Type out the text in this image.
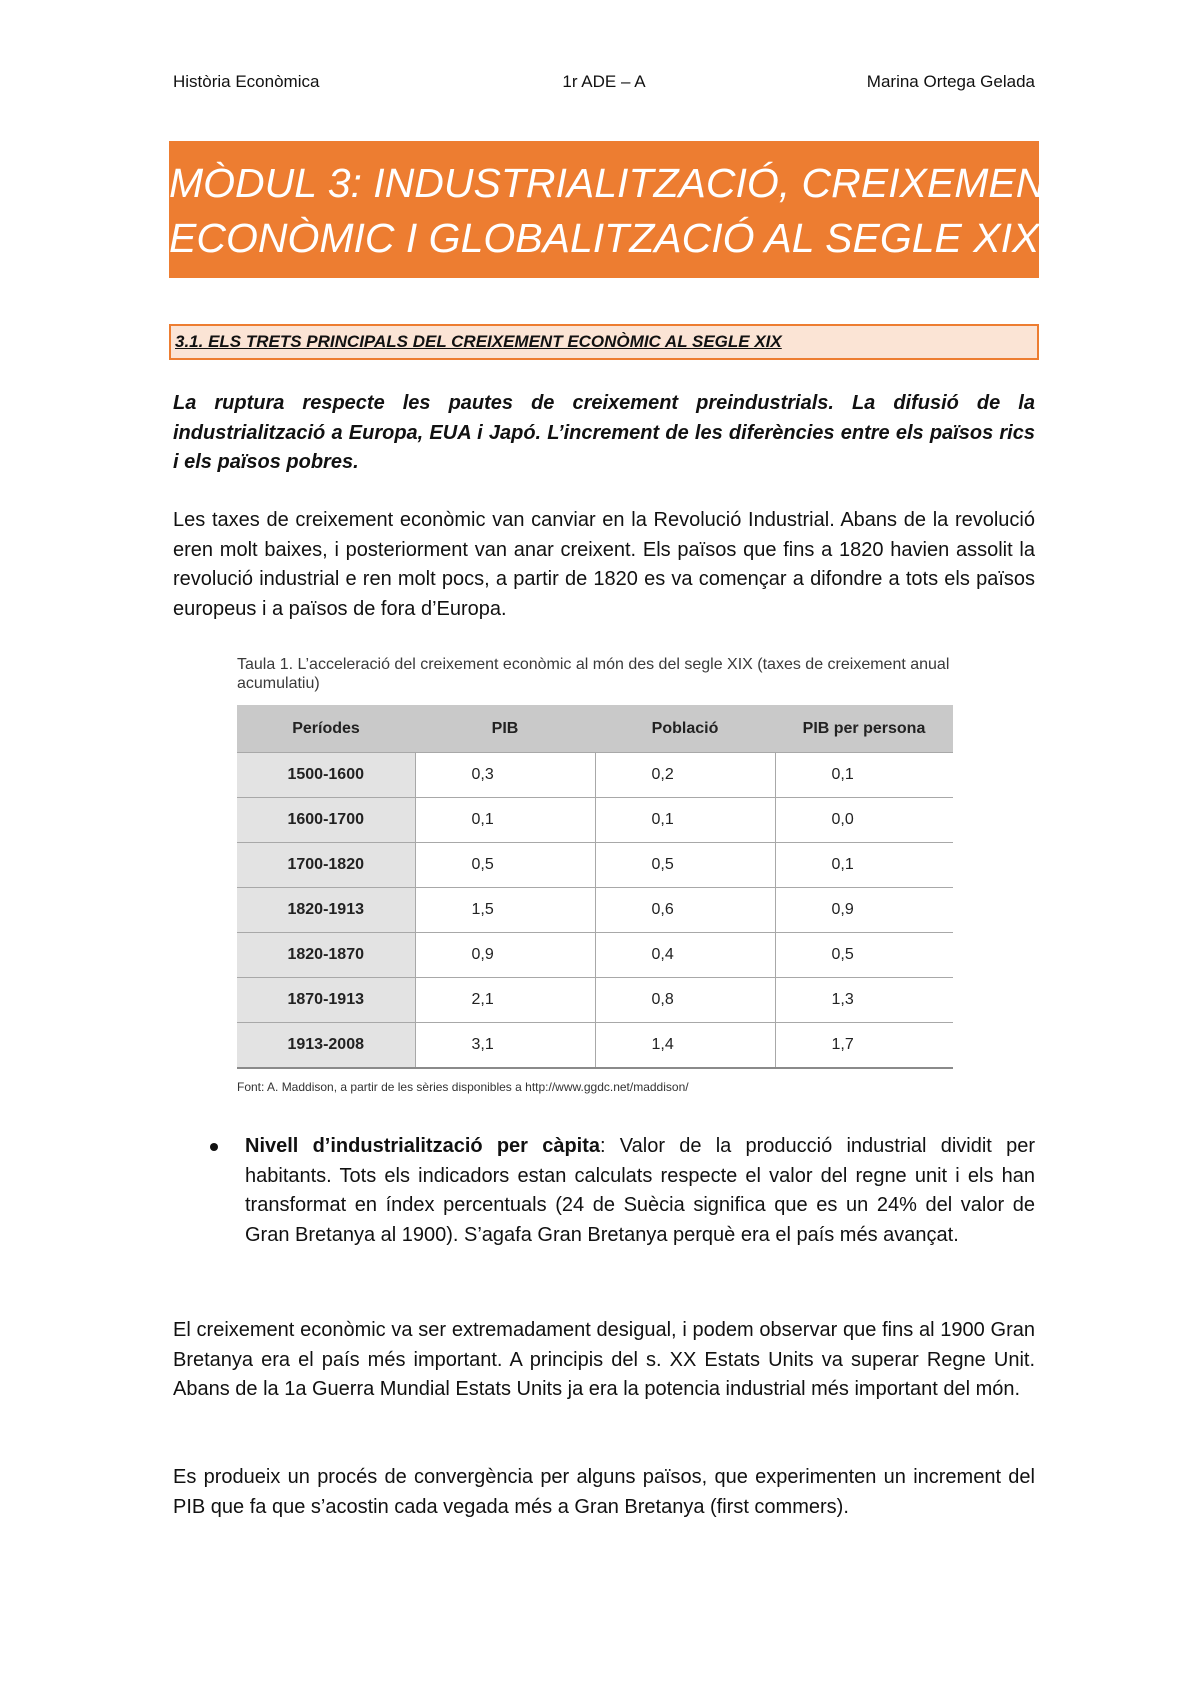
Història Econòmica	1r ADE – A	Marina Ortega Gelada
MÒDUL 3: INDUSTRIALITZACIÓ, CREIXEMENT
ECONÒMIC I GLOBALITZACIÓ AL SEGLE XIX
3.1. ELS TRETS PRINCIPALS DEL CREIXEMENT ECONÒMIC AL SEGLE XIX
La ruptura respecte les pautes de creixement preindustrials. La difusió de la industrialització a Europa, EUA i Japó. L’increment de les diferències entre els països rics i els països pobres.
Les taxes de creixement econòmic van canviar en la Revolució Industrial. Abans de la revolució eren molt baixes, i posteriorment van anar creixent. Els països que fins a 1820 havien assolit la revolució industrial e ren molt pocs, a partir de 1820 es va començar a difondre a tots els països europeus i a països de fora d’Europa.
Taula 1. L’acceleració del creixement econòmic al món des del segle XIX (taxes de creixement anual acumulatiu)
Períodes	PIB	Població	PIB per persona
1500-1600	0,3	0,2	0,1
1600-1700	0,1	0,1	0,0
1700-1820	0,5	0,5	0,1
1820-1913	1,5	0,6	0,9
1820-1870	0,9	0,4	0,5
1870-1913	2,1	0,8	1,3
1913-2008	3,1	1,4	1,7
Font: A. Maddison, a partir de les sèries disponibles a http://www.ggdc.net/maddison/
Nivell d’industrialització per càpita: Valor de la producció industrial dividit per habitants. Tots els indicadors estan calculats respecte el valor del regne unit i els han transformat en índex percentuals (24 de Suècia significa que es un 24% del valor de Gran Bretanya al 1900). S’agafa Gran Bretanya perquè era el país més avançat.
El creixement econòmic va ser extremadament desigual, i podem observar que fins al 1900 Gran Bretanya era el país més important. A principis del s. XX Estats Units va superar Regne Unit. Abans de la 1a Guerra Mundial Estats Units ja era la potencia industrial més important del món.
Es produeix un procés de convergència per alguns països, que experimenten un increment del PIB que fa que s’acostin cada vegada més a Gran Bretanya (first commers).
